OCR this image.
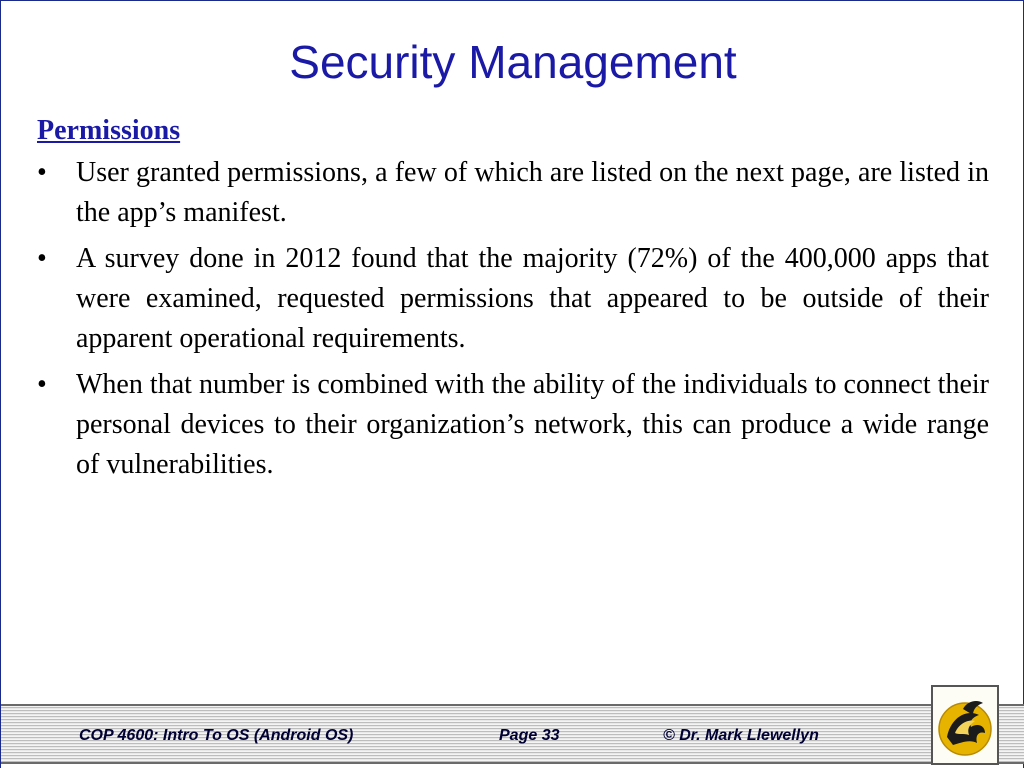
Security Management
Permissions
• User granted permissions, a few of which are listed on the next page, are listed in the app’s manifest.
• A survey done in 2012 found that the majority (72%) of the 400,000 apps that were examined, requested permissions that appeared to be outside of their apparent operational requirements.
• When that number is combined with the ability of the individuals to connect their personal devices to their organization’s network, this can produce a wide range of vulnerabilities.
COP 4600: Intro To OS (Android OS)	Page 33	© Dr. Mark Llewellyn
